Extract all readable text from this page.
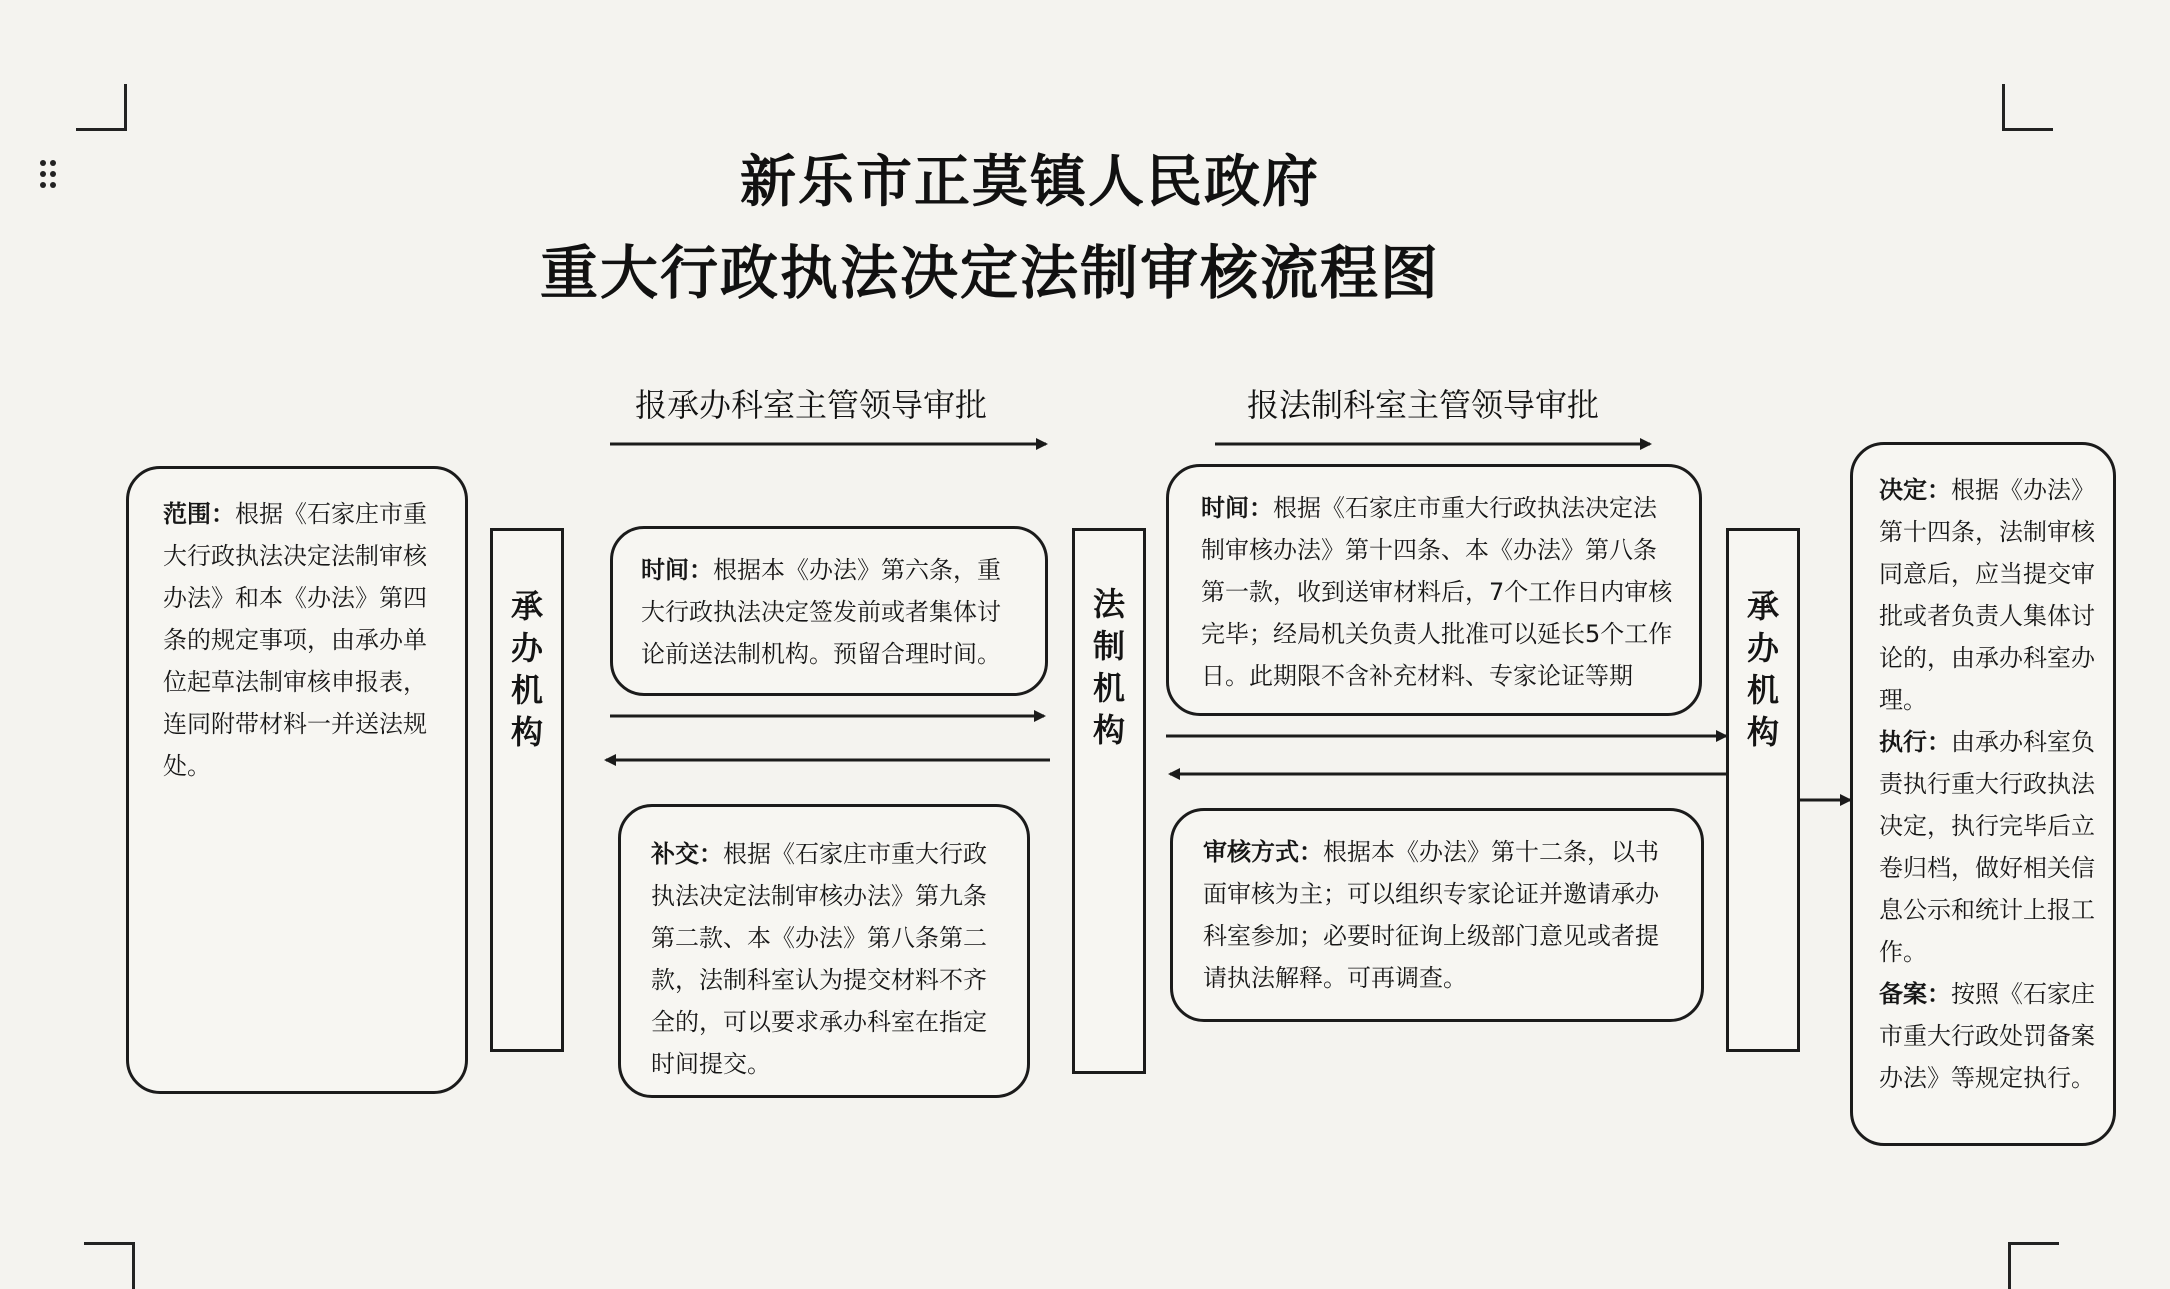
新乐市正莫镇人民政府
重大行政执法决定法制审核流程图
报承办科室主管领导审批	报法制科室主管领导审批
范围：根据《石家庄市重大行政执法决定法制审核办法》和本《办法》第四条的规定事项，由承办单位起草法制审核申报表，连同附带材料一并送法规处。
承办机构
时间：根据本《办法》第六条，重大行政执法决定签发前或者集体讨论前送法制机构。预留合理时间。
补交：根据《石家庄市重大行政执法决定法制审核办法》第九条第二款、本《办法》第八条第二款，法制科室认为提交材料不齐全的，可以要求承办科室在指定时间提交。
法制机构
时间：根据《石家庄市重大行政执法决定法制审核办法》第十四条、本《办法》第八条第一款，收到送审材料后，7个工作日内审核完毕；经局机关负责人批准可以延长5个工作日。此期限不含补充材料、专家论证等期
审核方式：根据本《办法》第十二条，以书面审核为主；可以组织专家论证并邀请承办科室参加；必要时征询上级部门意见或者提请执法解释。可再调查。
承办机构
决定：根据《办法》第十四条，法制审核同意后，应当提交审批或者负责人集体讨论的，由承办科室办理。
执行：由承办科室负责执行重大行政执法决定，执行完毕后立卷归档，做好相关信息公示和统计上报工作。
备案：按照《石家庄市重大行政处罚备案办法》等规定执行。
